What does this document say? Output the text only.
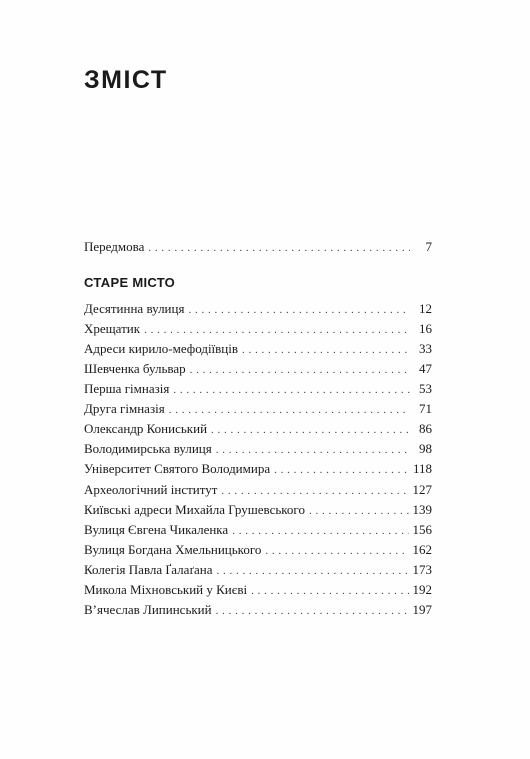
ЗМІСТ
Передмова . . .	7
СТАРЕ МІСТО
Десятинна вулиця . . .	12
Хрещатик . . .	16
Адреси кирило-мефодіївців . . .	33
Шевченка бульвар . . .	47
Перша гімназія . . .	53
Друга гімназія . . .	71
Олександр Кониський . . .	86
Володимирська вулиця . . .	98
Університет Святого Володимира . . .	118
Археологічний інститут . . .	127
Київські адреси Михайла Грушевського . . .	139
Вулиця Євгена Чикаленка . . .	156
Вулиця Богдана Хмельницького . . .	162
Колегія Павла Ґалаґана . . .	173
Микола Міхновський у Києві . . .	192
В’ячеслав Липинський . . .	197
